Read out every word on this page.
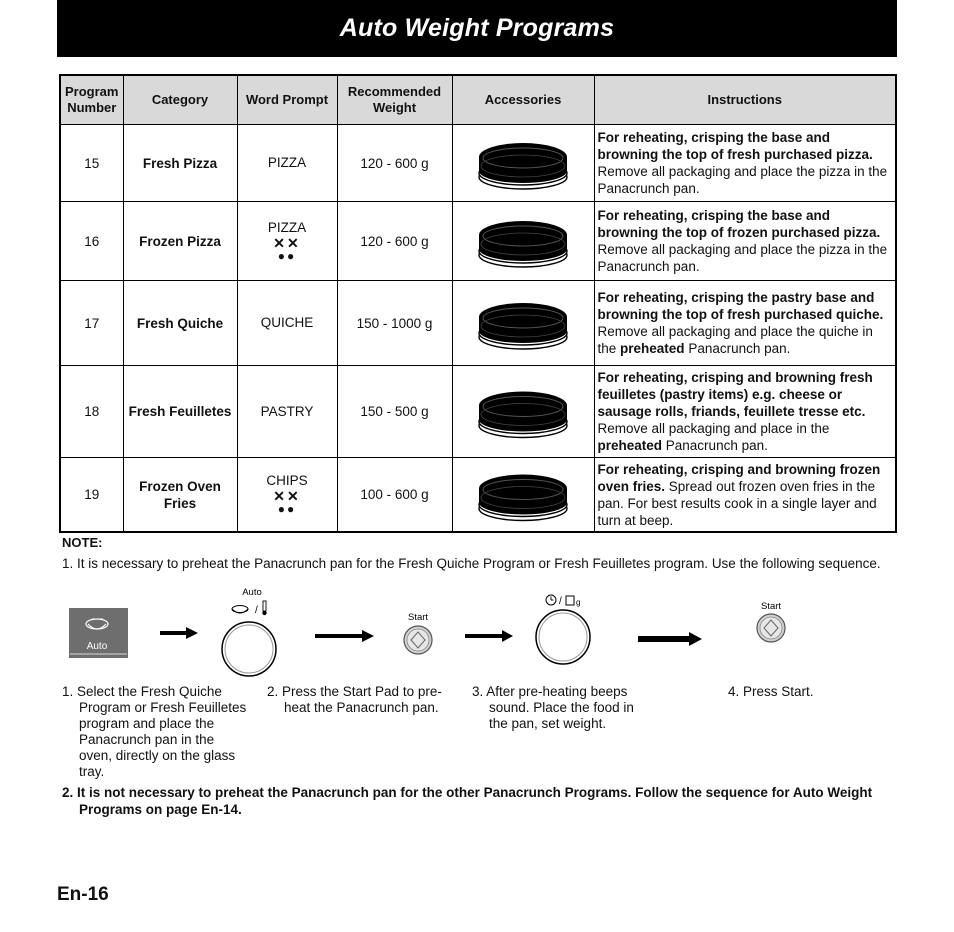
Auto Weight Programs
Program Number	Category	Word Prompt	Recommended Weight	Accessories	Instructions
15	Fresh Pizza	PIZZA	120 - 600 g		For reheating, crisping the base and browning the top of fresh purchased pizza. Remove all packaging and place the pizza in the Panacrunch pan.
16	Frozen Pizza	PIZZA
✕✕
●●	120 - 600 g		For reheating, crisping the base and browning the top of frozen purchased pizza. Remove all packaging and place the pizza in the Panacrunch pan.
17	Fresh Quiche	QUICHE	150 - 1000 g		For reheating, crisping the pastry base and browning the top of fresh purchased quiche. Remove all packaging and place the quiche in the preheated Panacrunch pan.
18	Fresh Feuilletes	PASTRY	150 - 500 g		For reheating, crisping and browning fresh feuilletes (pastry items) e.g. cheese or sausage rolls, friands, feuillete tresse etc. Remove all packaging and place in the preheated Panacrunch pan.
19	Frozen Oven Fries	CHIPS
✕✕
●●	100 - 600 g		For reheating, crisping and browning frozen oven fries. Spread out frozen oven fries in the pan. For best results cook in a single layer and turn at beep.
NOTE:
1. It is necessary to preheat the Panacrunch pan for the Fresh Quiche Program or Fresh Feuilletes program. Use the following sequence.
Auto
Auto
/
Start
/ g	Start
1. Select the Fresh Quiche Program or Fresh Feuilletes program and place the Panacrunch pan in the oven, directly on the glass tray.
2. Press the Start Pad to pre-heat the Panacrunch pan.
3. After pre-heating beeps sound. Place the food in the pan, set weight.
4. Press Start.
2. It is not necessary to preheat the Panacrunch pan for the other Panacrunch Programs. Follow the sequence for Auto Weight Programs on page En-14.
En-16
